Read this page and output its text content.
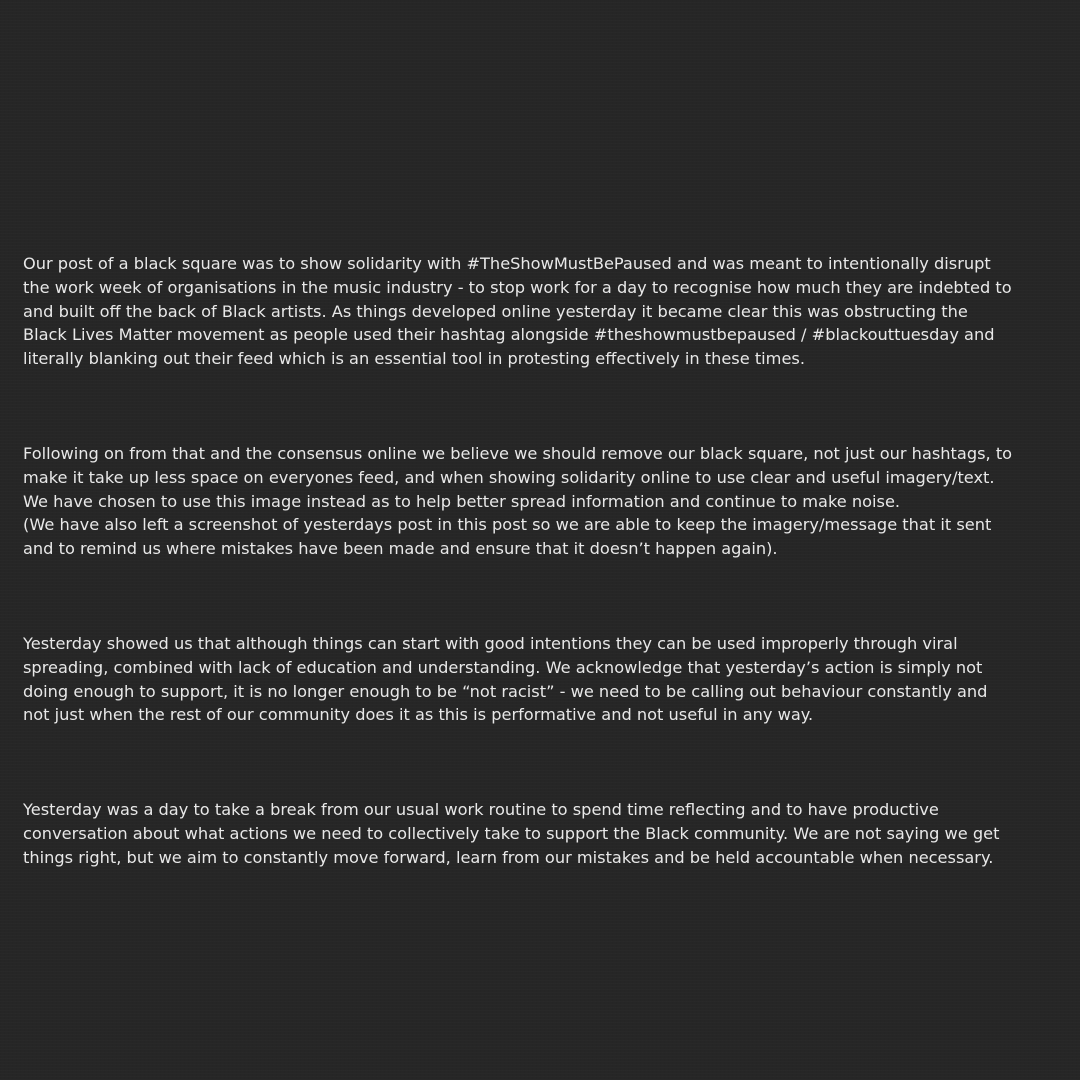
Our post of a black square was to show solidarity with #TheShowMustBePaused and was meant to intentionally disrupt
the work week of organisations in the music industry - to stop work for a day to recognise how much they are indebted to
and built off the back of Black artists. As things developed online yesterday it became clear this was obstructing the
Black Lives Matter movement as people used their hashtag alongside #theshowmustbepaused / #blackouttuesday and
literally blanking out their feed which is an essential tool in protesting effectively in these times.

Following on from that and the consensus online we believe we should remove our black square, not just our hashtags, to
make it take up less space on everyones feed, and when showing solidarity online to use clear and useful imagery/text.
We have chosen to use this image instead as to help better spread information and continue to make noise.
(We have also left a screenshot of yesterdays post in this post so we are able to keep the imagery/message that it sent
and to remind us where mistakes have been made and ensure that it doesn’t happen again).

Yesterday showed us that although things can start with good intentions they can be used improperly through viral
spreading, combined with lack of education and understanding. We acknowledge that yesterday’s action is simply not
doing enough to support, it is no longer enough to be “not racist” - we need to be calling out behaviour constantly and
not just when the rest of our community does it as this is performative and not useful in any way.

Yesterday was a day to take a break from our usual work routine to spend time reflecting and to have productive
conversation about what actions we need to collectively take to support the Black community. We are not saying we get
things right, but we aim to constantly move forward, learn from our mistakes and be held accountable when necessary.
